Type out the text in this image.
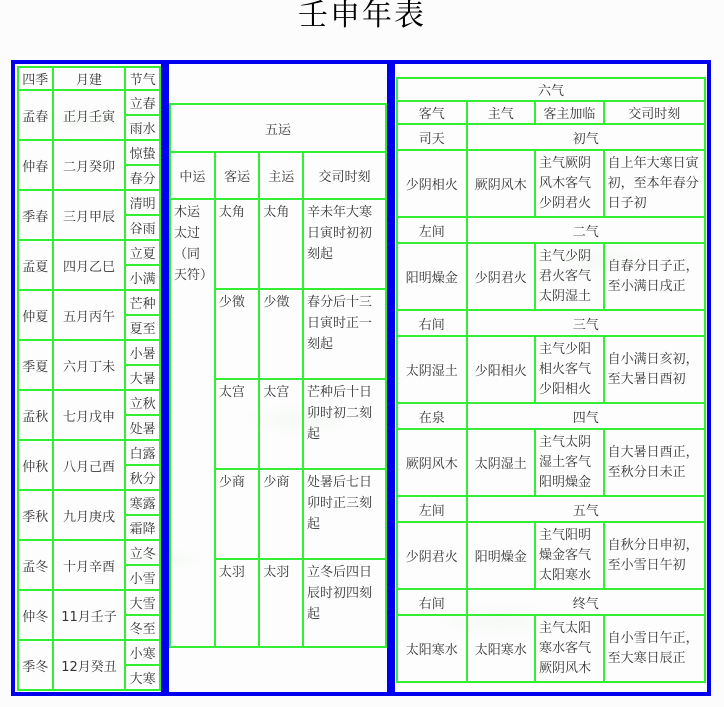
壬申年表
四季	月建	节气
孟春	正月壬寅	立春
		雨水
仲春	二月癸卯	惊蛰
		春分
季春	三月甲辰	清明
		谷雨
孟夏	四月乙巳	立夏
		小满
仲夏	五月丙午	芒种
		夏至
季夏	六月丁未	小暑
		大暑
孟秋	七月戊申	立秋
		处暑
仲秋	八月己酉	白露
		秋分
季秋	九月庚戌	寒露
		霜降
孟冬	十月辛酉	立冬
		小雪
仲冬	11月壬子	大雪
		冬至
季冬	12月癸丑	小寒
		大寒
五运			
中运	客运	主运	交司时刻
木运太过（同天符）	太角	太角	辛未年大寒日寅时初初刻起
	少徵	少徵	春分后十三日寅时正一刻起
	太宫	太宫	芒种后十日卯时初二刻起
	少商	少商	处暑后七日卯时正三刻起
	太羽	太羽	立冬后四日辰时初四刻起
六气			
客气	主气	客主加临	交司时刻
司天	初气		
少阴相火	厥阴风木	主气厥阴风木客气少阴君火	自上年大寒日寅初，至本年春分日子初
左间	二气		
阳明燥金	少阴君火	主气少阴君火客气太阴湿土	自春分日子正，至小满日戌正
右间	三气		
太阴湿土	少阳相火	主气少阳相火客气少阳相火	自小满日亥初，至大暑日酉初
在泉	四气		
厥阴风木	太阴湿土	主气太阴湿土客气阳明燥金	自大暑日酉正，至秋分日未正
左间	五气		
少阴君火	阳明燥金	主气阳明燥金客气太阳寒水	自秋分日申初，至小雪日午初
右间	终气		
太阳寒水	太阳寒水	主气太阳寒水客气厥阴风木	自小雪日午正，至大寒日辰正
